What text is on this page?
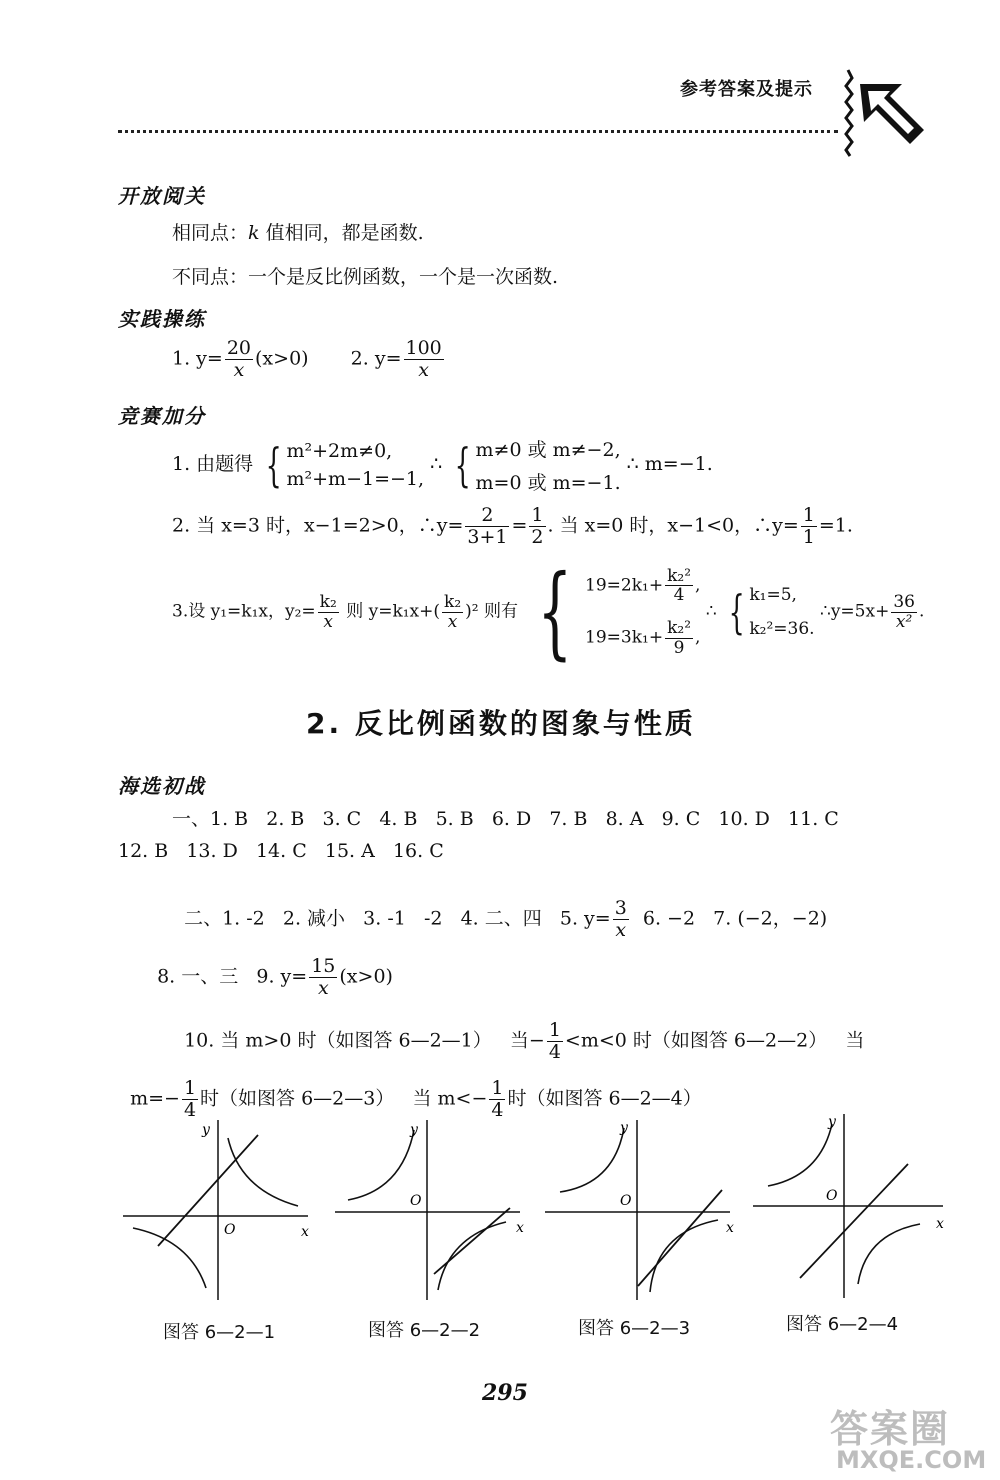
参考答案及提示
开放阅关
相同点：k 值相同，都是函数.
不同点：一个是反比例函数，一个是一次函数.
实践操练
1. $y= \frac{20}{x} (x>0)$ 2. $y= \frac{100}{x}$
竞赛加分
1. 由题得 { m²+2m≠0,
m²+m−1=−1,
∴ { m≠0 或 m≠−2,
m=0 或 m=−1.
∴ m=−1.
2. 当 x=3 时，x−1=2>0，∴y= $\frac{2}{3+1} = \frac{1}{2}$ . 当 x=0 时，x−1<0，∴y= $\frac{1}{1} =1$.
3.设 y₁=k₁x，$y_2= \frac{\text{k₂}}{x}$ 则 $y=k_1x+( \frac{\text{k₂}}{x} )^2$ 则有 { $19=2k_1+ \frac{\text{k₂²}}{4}$ ,
$19=3k_1+ \frac{\text{k₂²}}{9}$ ,
∴ { k₁=5,
k₂²=36.
∴y=5x+ $\frac{36}{\text{x²}}$ .
2. 反比例函数的图象与性质
海选初战
一、1. B   2. B   3. C   4. B   5. B   6. D   7. B   8. A   9. C   10. D   11. C
12. B   13. D   14. C   15. A   16. C

二、1. -2   2. 减小   3. -1   -2   4. 二、四   5. $y= \frac{3}{x} 6$. −2   7. (−2，−2)

8. 一、三   9. $y= \frac{15}{x} (x>0)$

10. 当 m>0 时（如图答 6—2—1）   当− $\frac{1}{4} <m<0$ 时（如图答 6—2—2）   当

$m=- \frac{1}{4}$ 时（如图答 6—2—3）   当 $m<- \frac{1}{4}$ 时（如图答 6—2—4）

y
x
O
y
x
O
y
x
O
y
x
O
图答 6—2—1	图答 6—2—2	图答 6—2—3	图答 6—2—4
295
答案圈
MXQE.COM
